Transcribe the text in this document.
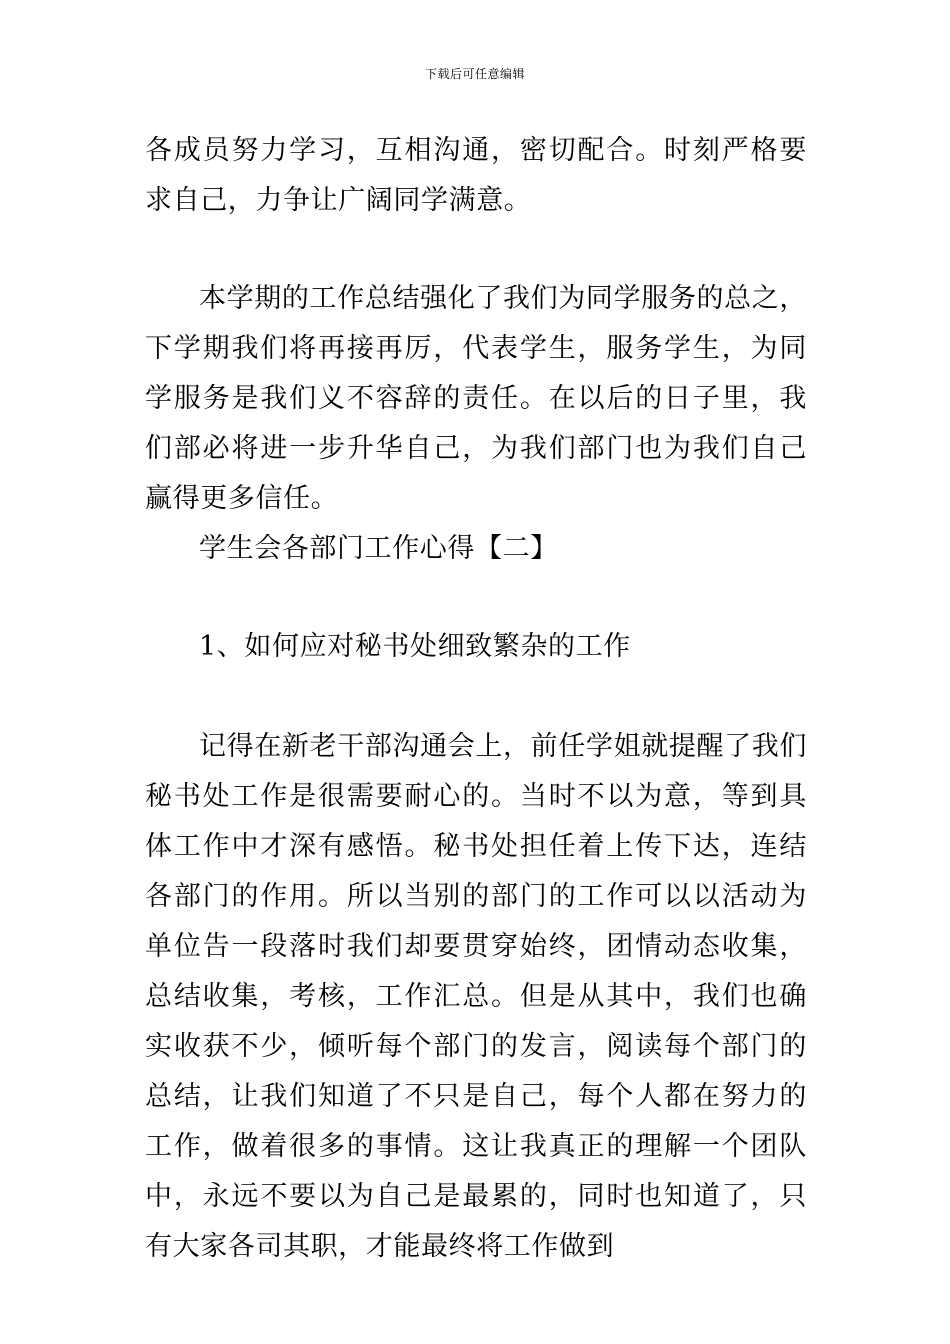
下载后可任意编辑
各成员努力学习，互相沟通，密切配合。时刻严格要求自己，力争让广阔同学满意。
本学期的工作总结强化了我们为同学服务的总之，下学期我们将再接再厉，代表学生，服务学生，为同学服务是我们义不容辞的责任。在以后的日子里，我们部必将进一步升华自己，为我们部门也为我们自己赢得更多信任。
学生会各部门工作心得【二】
1、如何应对秘书处细致繁杂的工作
记得在新老干部沟通会上，前任学姐就提醒了我们秘书处工作是很需要耐心的。当时不以为意，等到具体工作中才深有感悟。秘书处担任着上传下达，连结各部门的作用。所以当别的部门的工作可以以活动为单位告一段落时我们却要贯穿始终，团情动态收集，总结收集，考核，工作汇总。但是从其中，我们也确实收获不少，倾听每个部门的发言，阅读每个部门的总结，让我们知道了不只是自己，每个人都在努力的工作，做着很多的事情。这让我真正的理解一个团队中，永远不要以为自己是最累的，同时也知道了，只有大家各司其职，才能最终将工作做到
